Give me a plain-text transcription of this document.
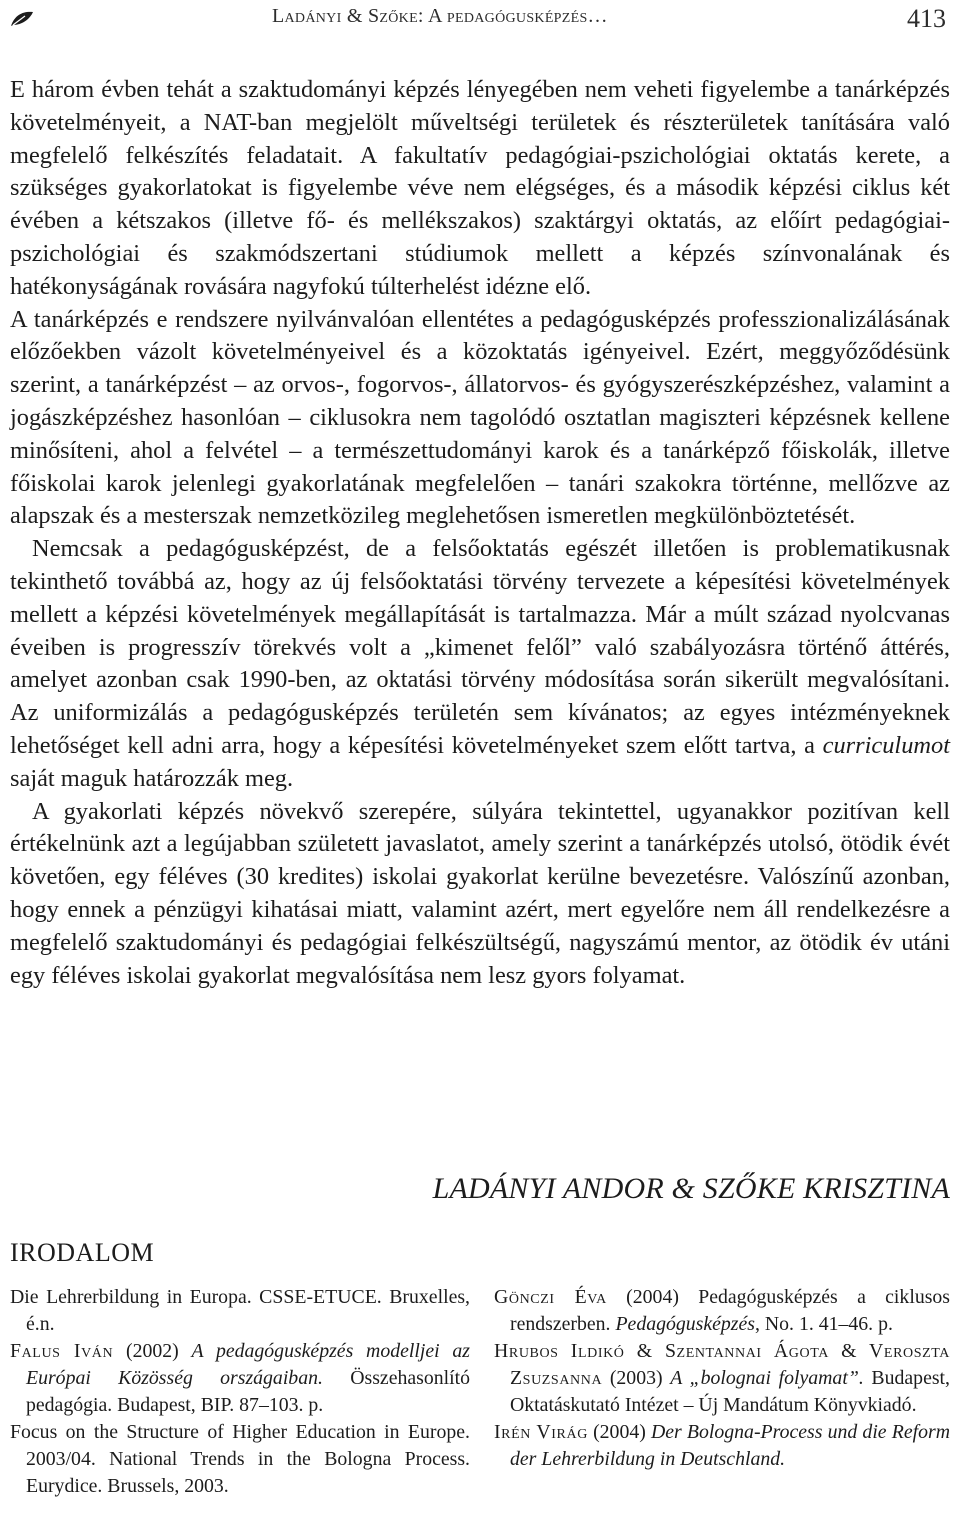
Ladányi & Szőke: A pedagógusképzés…	413

E három évben tehát a szaktudományi képzés lényegében nem veheti figyelembe a tanárképzés követelményeit, a NAT-ban megjelölt műveltségi területek és részterületek tanítására való megfelelő felkészítés feladatait. A fakultatív pedagógiai-pszichológiai oktatás kerete, a szükséges gyakorlatokat is figyelembe véve nem elégséges, és a második képzési ciklus két évében a kétszakos (illetve fő- és mellékszakos) szaktárgyi oktatás, az előírt pedagógiai-pszichológiai és szakmódszertani stúdiumok mellett a képzés színvonalának és hatékonyságának rovására nagyfokú túlterhelést idézne elő.

A tanárképzés e rendszere nyilvánvalóan ellentétes a pedagógusképzés professzionalizálásának előzőekben vázolt követelményeivel és a közoktatás igényeivel. Ezért, meggyőződésünk szerint, a tanárképzést – az orvos-, fogorvos-, állatorvos- és gyógyszerészképzéshez, valamint a jogászképzéshez hasonlóan – ciklusokra nem tagolódó osztatlan magiszteri képzésnek kellene minősíteni, ahol a felvétel – a természettudományi karok és a tanárképző főiskolák, illetve főiskolai karok jelenlegi gyakorlatának megfelelően – tanári szakokra történne, mellőzve az alapszak és a mesterszak nemzetközileg meglehetősen ismeretlen megkülönböztetését.

Nemcsak a pedagógusképzést, de a felsőoktatás egészét illetően is problematikusnak tekinthető továbbá az, hogy az új felsőoktatási törvény tervezete a képesítési követelmények mellett a képzési követelmények megállapítását is tartalmazza. Már a múlt század nyolcvanas éveiben is progresszív törekvés volt a „kimenet felől” való szabályozásra történő áttérés, amelyet azonban csak 1990-ben, az oktatási törvény módosítása során sikerült megvalósítani. Az uniformizálás a pedagógusképzés területén sem kívánatos; az egyes intézményeknek lehetőséget kell adni arra, hogy a képesítési követelményeket szem előtt tartva, a curriculumot saját maguk határozzák meg.

A gyakorlati képzés növekvő szerepére, súlyára tekintettel, ugyanakkor pozitívan kell értékelnünk azt a legújabban született javaslatot, amely szerint a tanárképzés utolsó, ötödik évét követően, egy féléves (30 kredites) iskolai gyakorlat kerülne bevezetésre. Valószínű azonban, hogy ennek a pénzügyi kihatásai miatt, valamint azért, mert egyelőre nem áll rendelkezésre a megfelelő szaktudományi és pedagógiai felkészültségű, nagyszámú mentor, az ötödik év utáni egy féléves iskolai gyakorlat megvalósítása nem lesz gyors folyamat.

LADÁNYI ANDOR & SZŐKE KRISZTINA
IRODALOM
Die Lehrerbildung in Europa. CSSE-ETUCE. Bruxelles, é.n.
Falus Iván (2002) A pedagógusképzés modelljei az Európai Közösség országaiban. Összehasonlító pedagógia. Budapest, BIP. 87–103. p.
Focus on the Structure of Higher Education in Europe. 2003/04. National Trends in the Bologna Process. Eurydice. Brussels, 2003.
Gönczi Éva (2004) Pedagógusképzés a ciklusos rendszerben. Pedagógusképzés, No. 1. 41–46. p.
Hrubos Ildikó & Szentannai Ágota & Veroszta Zsuzsanna (2003) A „bolognai folyamat”. Budapest, Oktatáskutató Intézet – Új Mandátum Könyvkiadó.
Irén Virág (2004) Der Bologna-Process und die Reform der Lehrerbildung in Deutschland.
